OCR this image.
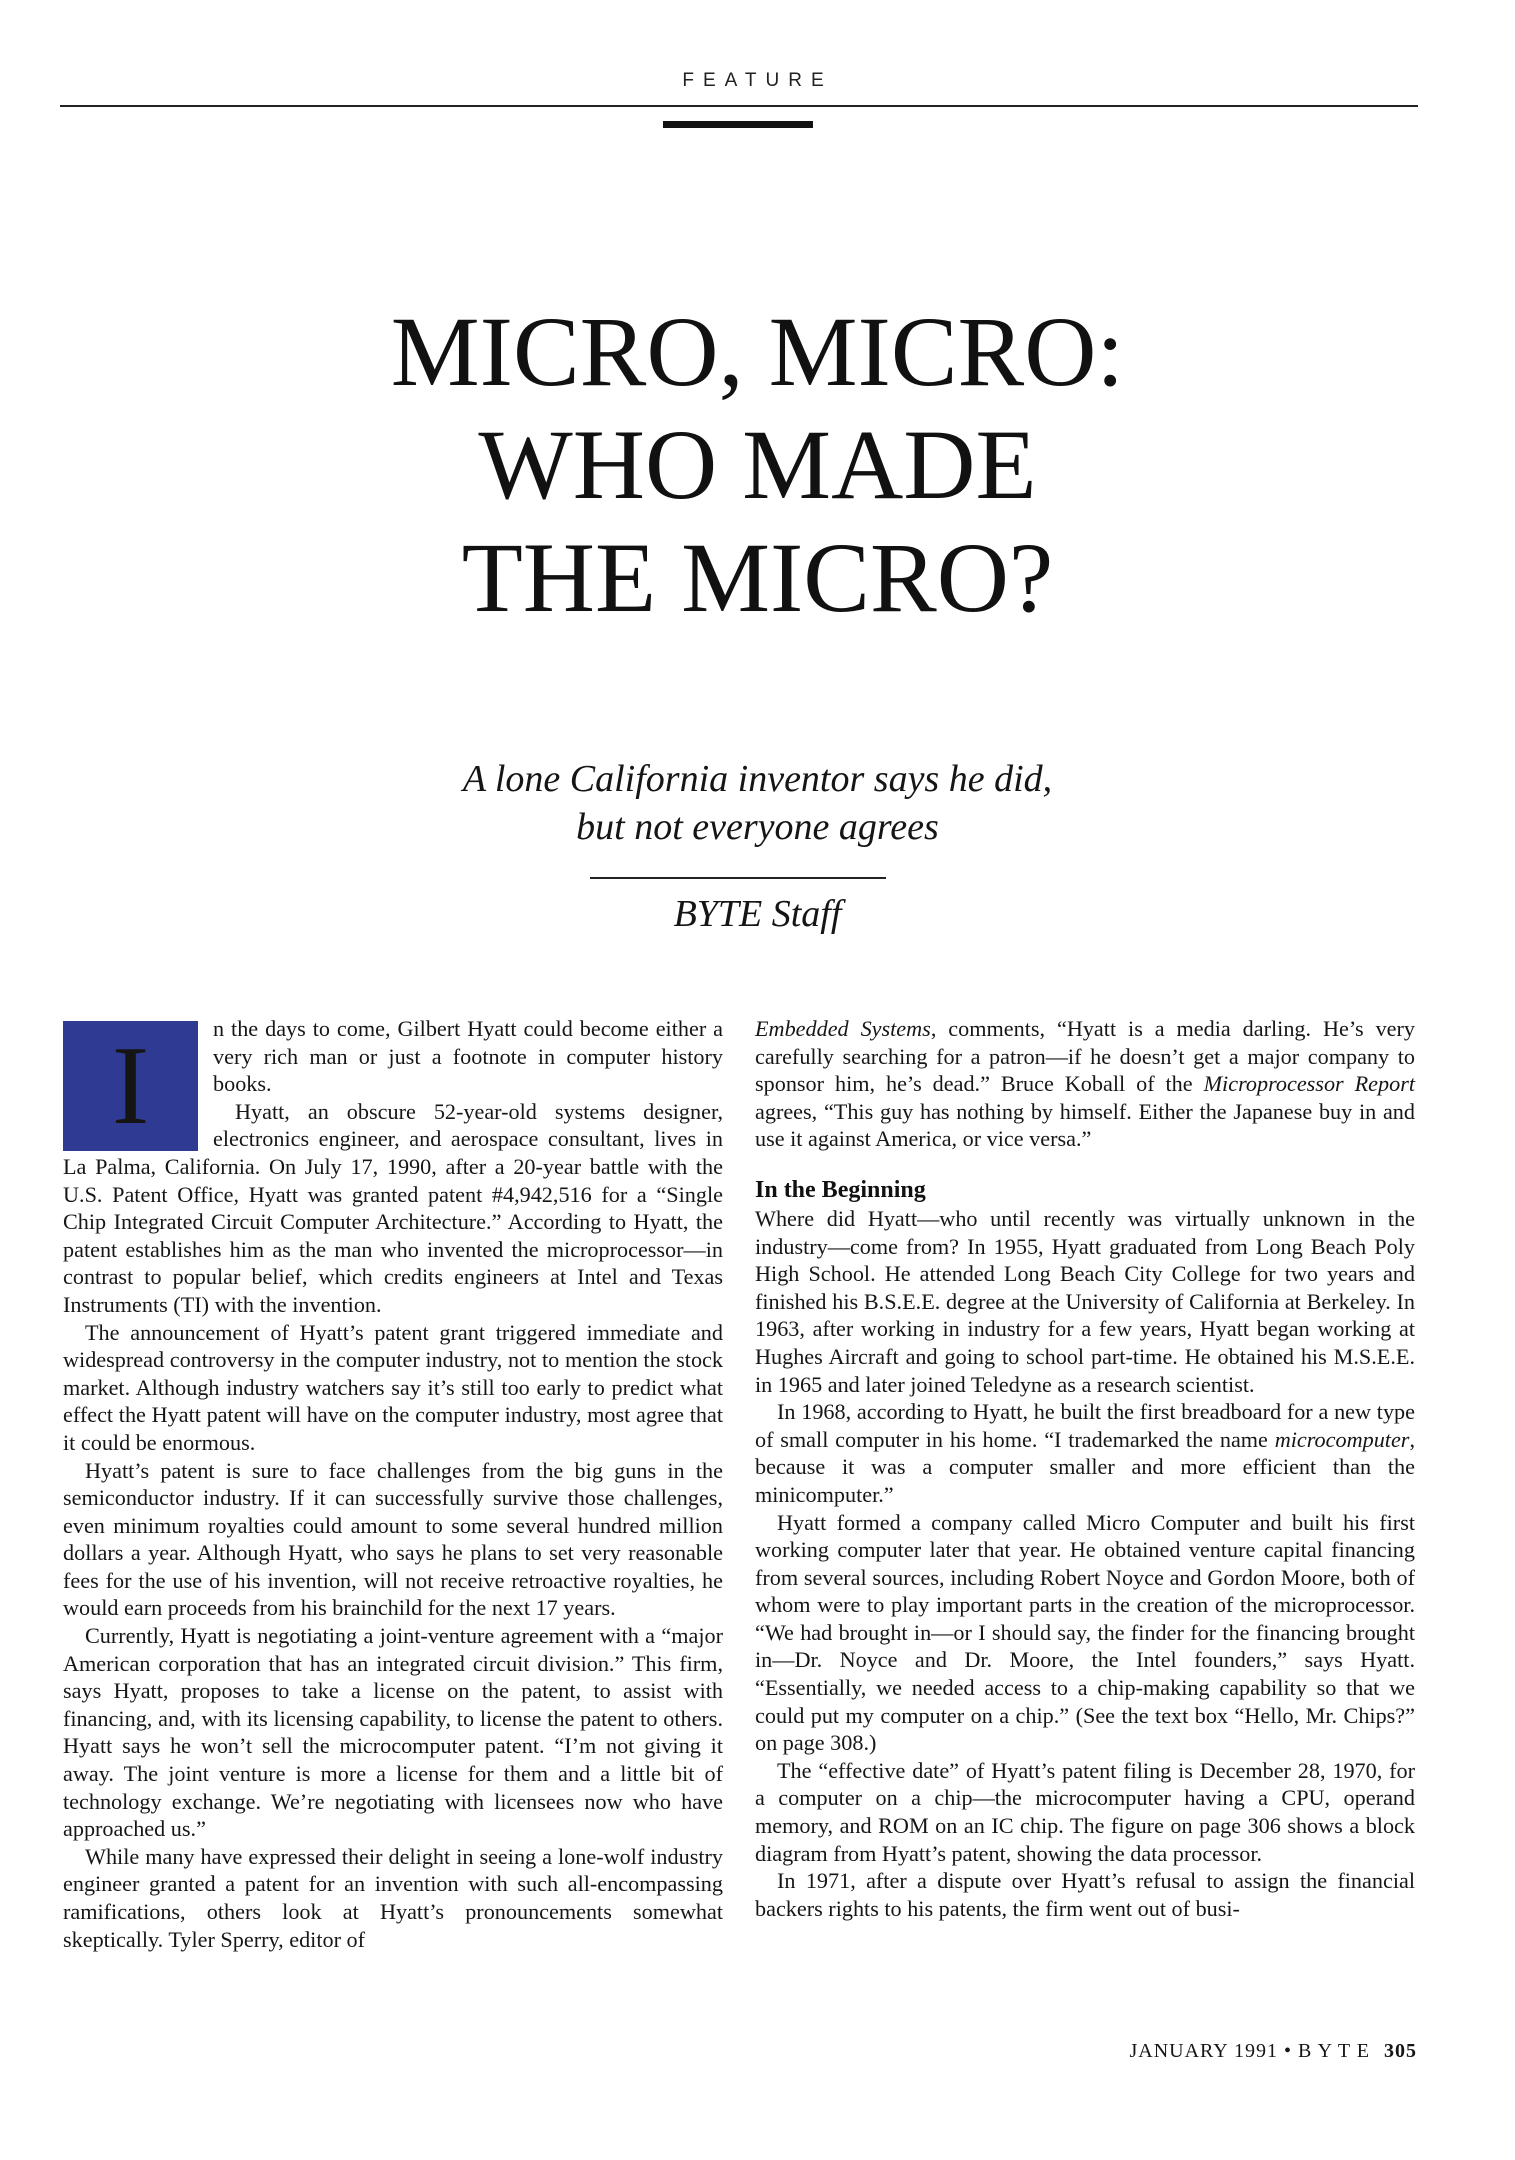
FEATURE
MICRO, MICRO:
WHO MADE
THE MICRO?
A lone California inventor says he did,
but not everyone agrees
BYTE Staff
I	n the days to come, Gilbert Hyatt could become either a very rich man or just a footnote in computer history books.

Hyatt, an obscure 52-year-old systems designer, electronics engineer, and aerospace consultant, lives in La Palma, California. On July 17, 1990, after a 20-year battle with the U.S. Patent Office, Hyatt was granted patent #4,942,516 for a “Single Chip Integrated Circuit Computer Architecture.” According to Hyatt, the patent establishes him as the man who invented the microprocessor—in contrast to popular belief, which credits engineers at Intel and Texas Instruments (TI) with the invention.

The announcement of Hyatt’s patent grant triggered immediate and widespread controversy in the computer industry, not to mention the stock market. Although industry watchers say it’s still too early to predict what effect the Hyatt patent will have on the computer industry, most agree that it could be enormous.

Hyatt’s patent is sure to face challenges from the big guns in the semiconductor industry. If it can successfully survive those challenges, even minimum royalties could amount to some several hundred million dollars a year. Although Hyatt, who says he plans to set very reasonable fees for the use of his invention, will not receive retroactive royalties, he would earn proceeds from his brainchild for the next 17 years.

Currently, Hyatt is negotiating a joint-venture agreement with a “major American corporation that has an integrated circuit division.” This firm, says Hyatt, proposes to take a license on the patent, to assist with financing, and, with its licensing capability, to license the patent to others. Hyatt says he won’t sell the microcomputer patent. “I’m not giving it away. The joint venture is more a license for them and a little bit of technology exchange. We’re negotiating with licensees now who have approached us.”

While many have expressed their delight in seeing a lone-wolf industry engineer granted a patent for an invention with such all-encompassing ramifications, others look at Hyatt’s pronouncements somewhat skeptically. Tyler Sperry, editor of

Embedded Systems, comments, “Hyatt is a media darling. He’s very carefully searching for a patron—if he doesn’t get a major company to sponsor him, he’s dead.” Bruce Koball of the Microprocessor Report agrees, “This guy has nothing by himself. Either the Japanese buy in and use it against America, or vice versa.”

In the Beginning

Where did Hyatt—who until recently was virtually unknown in the industry—come from? In 1955, Hyatt graduated from Long Beach Poly High School. He attended Long Beach City College for two years and finished his B.S.E.E. degree at the University of California at Berkeley. In 1963, after working in industry for a few years, Hyatt began working at Hughes Aircraft and going to school part-time. He obtained his M.S.E.E. in 1965 and later joined Teledyne as a research scientist.

In 1968, according to Hyatt, he built the first breadboard for a new type of small computer in his home. “I trademarked the name microcomputer, because it was a computer smaller and more efficient than the minicomputer.”

Hyatt formed a company called Micro Computer and built his first working computer later that year. He obtained venture capital financing from several sources, including Robert Noyce and Gordon Moore, both of whom were to play important parts in the creation of the microprocessor. “We had brought in—or I should say, the finder for the financing brought in—Dr. Noyce and Dr. Moore, the Intel founders,” says Hyatt. “Essentially, we needed access to a chip-making capability so that we could put my computer on a chip.” (See the text box “Hello, Mr. Chips?” on page 308.)

The “effective date” of Hyatt’s patent filing is December 28, 1970, for a computer on a chip—the microcomputer having a CPU, operand memory, and ROM on an IC chip. The figure on page 306 shows a block diagram from Hyatt’s patent, showing the data processor.

In 1971, after a dispute over Hyatt’s refusal to assign the financial backers rights to his patents, the firm went out of busi-

JANUARY 1991 • B Y T E 305
